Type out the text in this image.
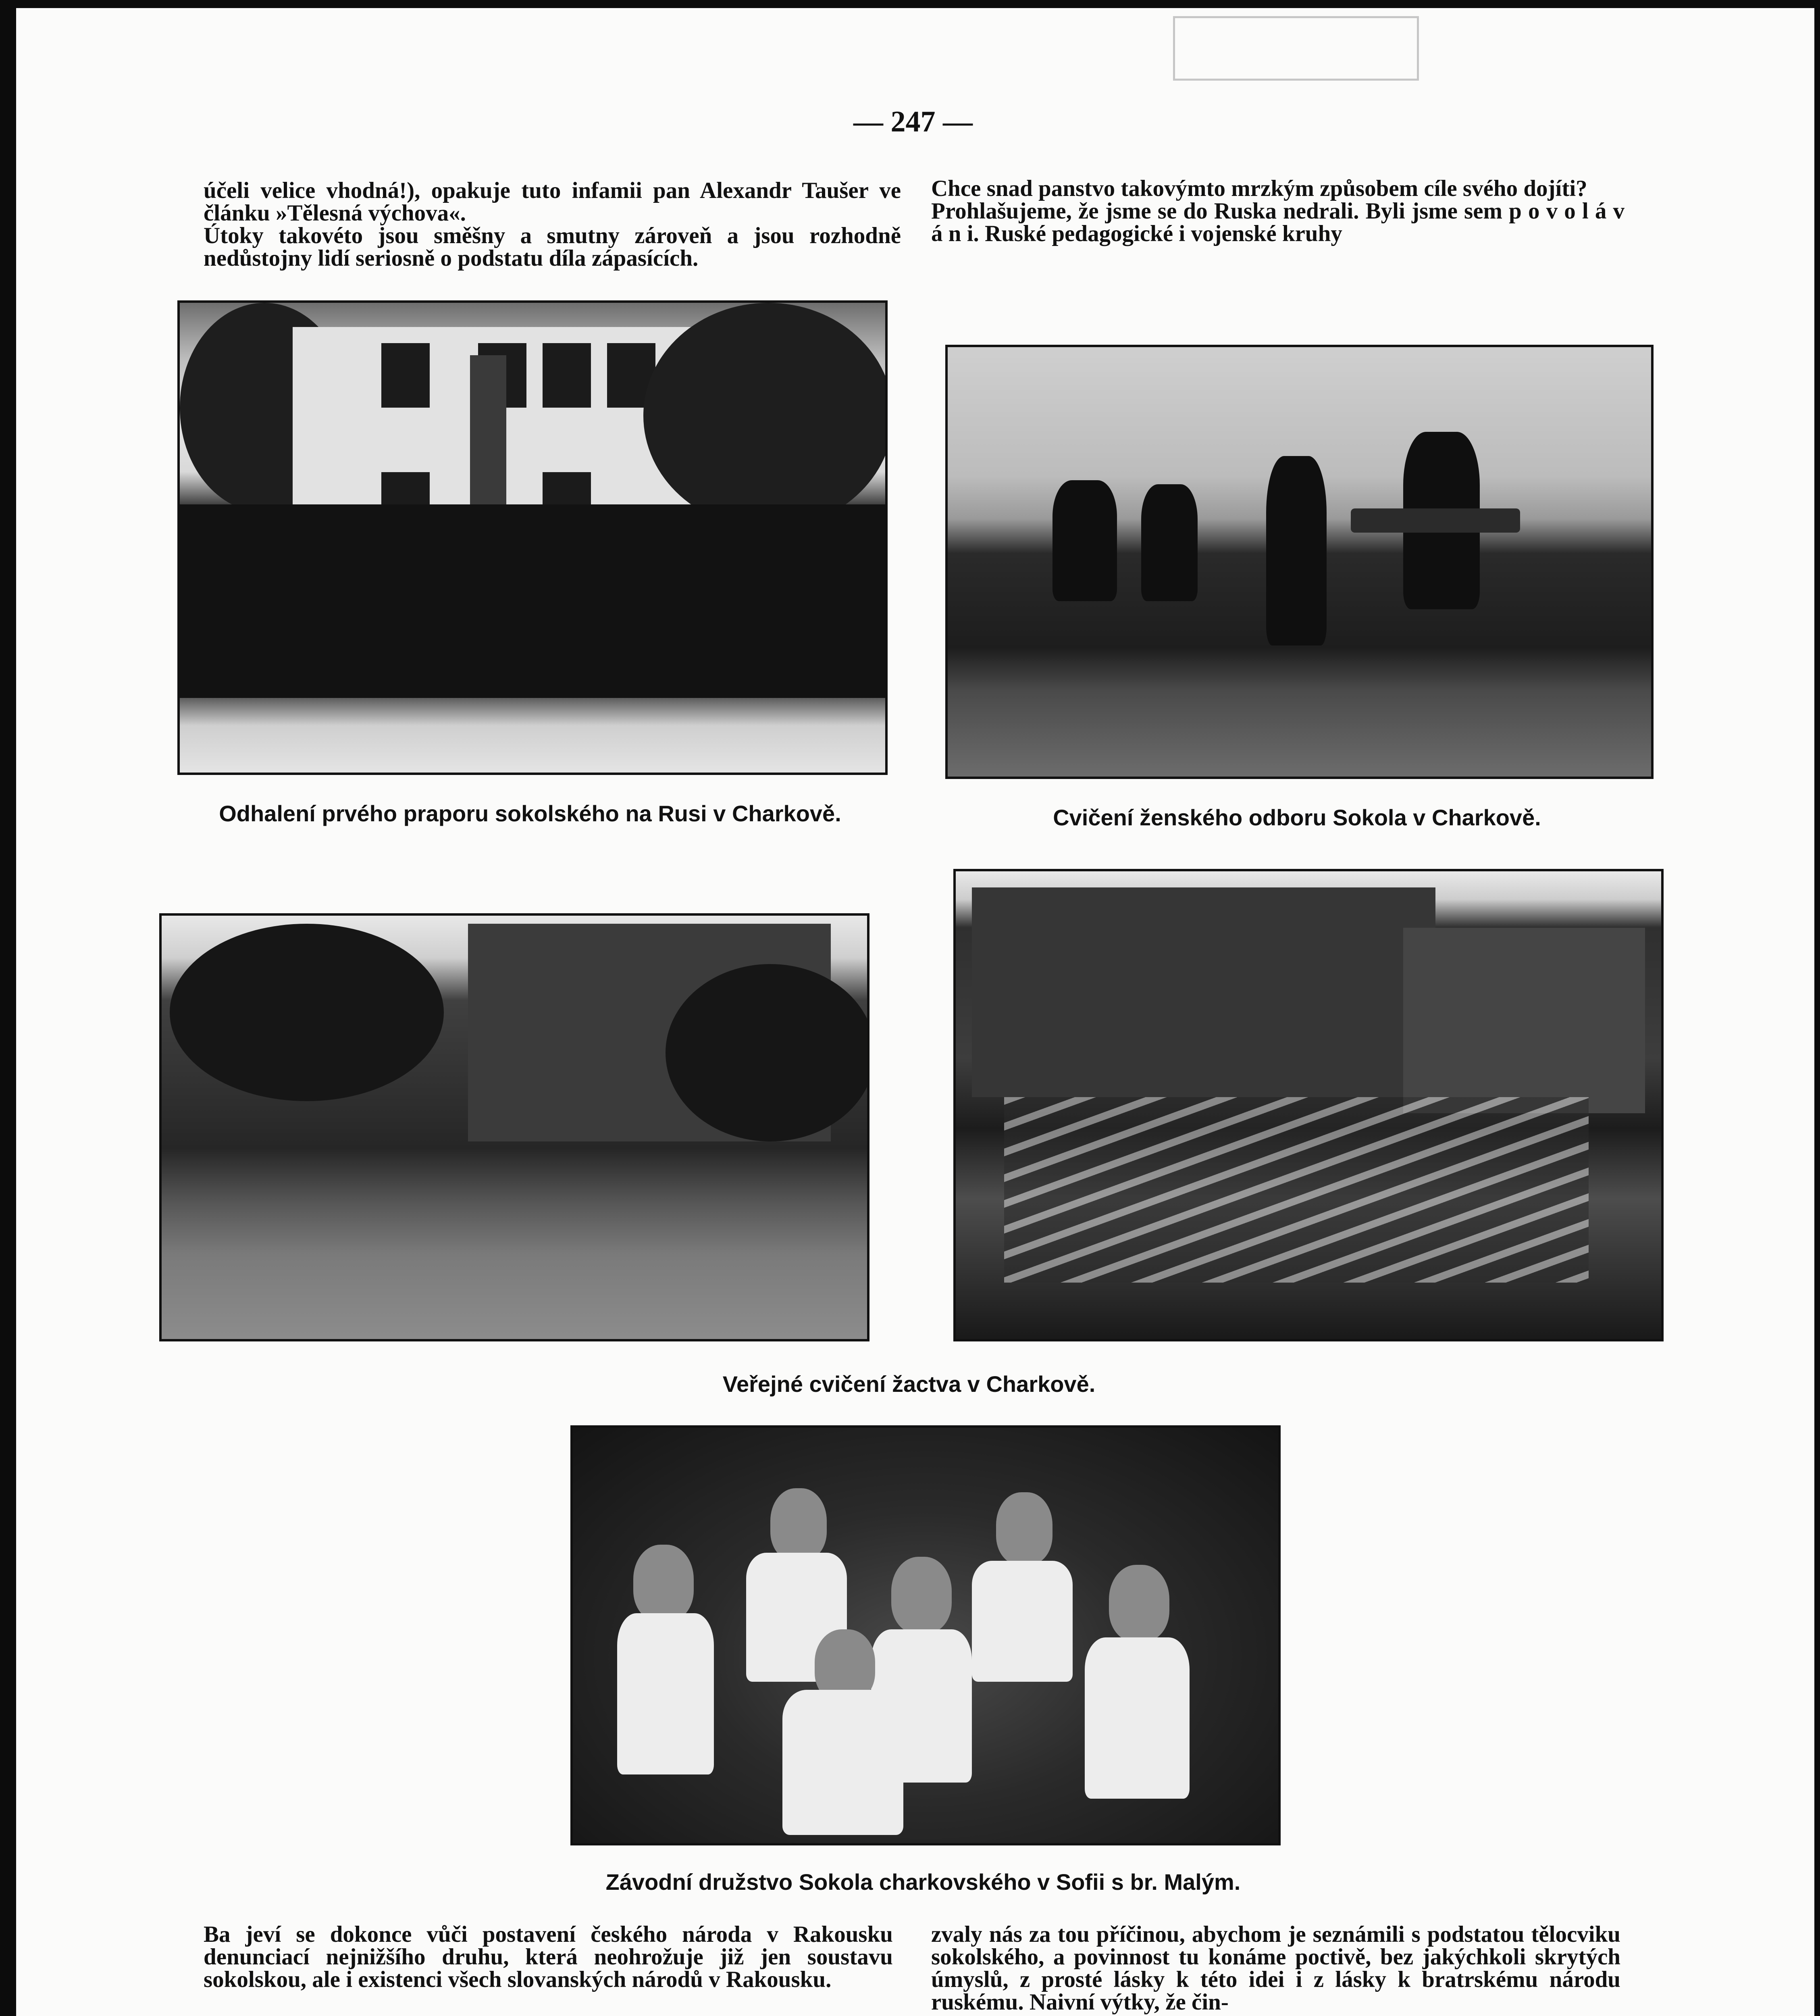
— 247 —
účeli velice vhodná!), opakuje tuto infamii pan Alexandr Taušer ve článku »Tělesná výchova«.
Útoky takovéto jsou směšny a smutny zároveň a jsou rozhodně nedůstojny lidí seriosně o podstatu díla zápasících.
Chce snad panstvo takovýmto mrzkým způsobem cíle svého dojíti?
Prohlašujeme, že jsme se do Ruska nedrali. Byli jsme sem p o v o l á v á n i. Ruské pedagogické i vojenské kruhy
Odhalení prvého praporu sokolského na Rusi v Charkově.	Cvičení ženského odboru Sokola v Charkově.
Veřejné cvičení žactva v Charkově.
Závodní družstvo Sokola charkovského v Sofii s br. Malým.
Ba jeví se dokonce vůči postavení českého národa v Rakousku denunciací nejnižšího druhu, která neohrožuje již jen soustavu sokolskou, ale i existenci všech slovanských národů v Rakousku.
zvaly nás za tou příčinou, abychom je seznámili s podstatou tělocviku sokolského, a povinnost tu konáme poctivě, bez jakýchkoli skrytých úmyslů, z prosté lásky k této idei i z lásky k bratrskému národu ruskému. Naivní výtky, že čin-
